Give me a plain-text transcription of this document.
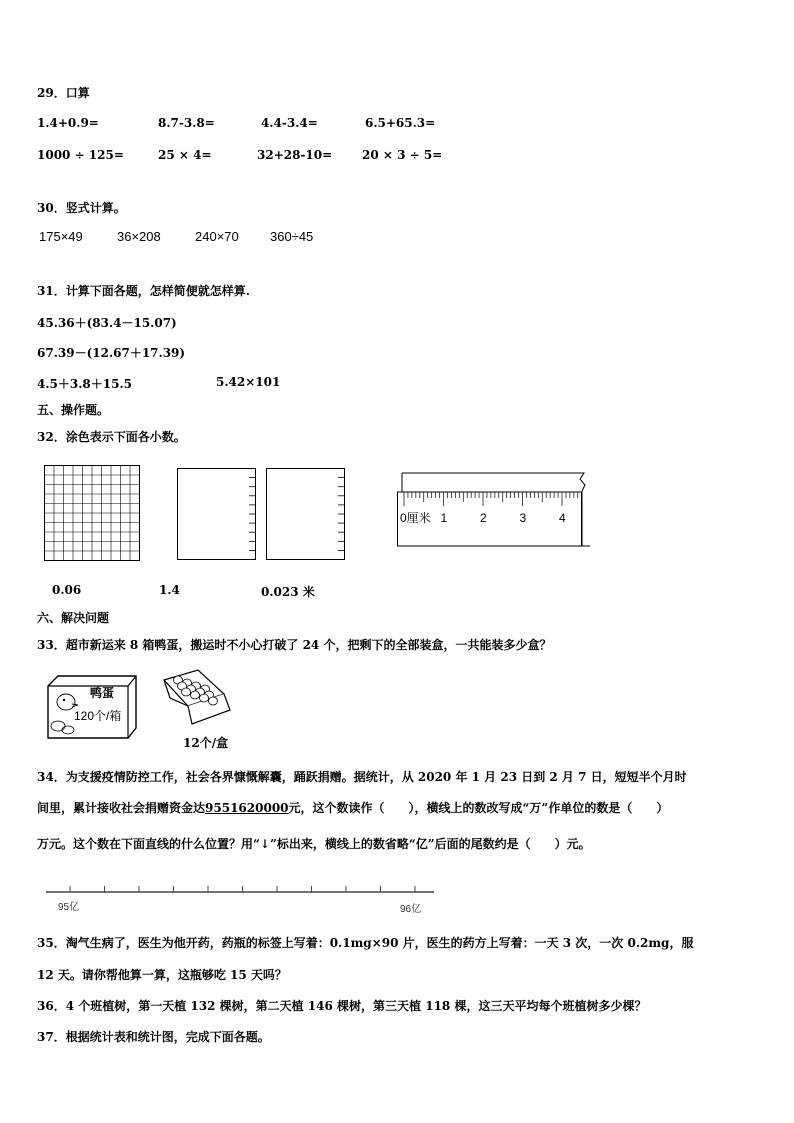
29．口算
1.4+0.9=	8.7-3.8=	4.4-3.4=	6.5+65.3=
1000 ÷ 125=	25 × 4=	32+28-10= 20 × 3 ÷ 5=
30．竖式计算。
175×49	36×208	240×70 360÷45
31．计算下面各题，怎样简便就怎样算.
45.36＋(83.4－15.07)
67.39－(12.67＋17.39)
4.5＋3.8＋15.5	5.42×101
五、操作题。
32．涂色表示下面各小数。
0厘米 1	2	3	4
0.06	1.4	0.023 米
六、解决问题
33．超市新运来 8 箱鸭蛋，搬运时不小心打破了 24 个，把剩下的全部装盒，一共能装多少盒？
鸭蛋
120个/箱
12个/盒
34．为支援疫情防控工作，社会各界慷慨解囊，踊跃捐赠。据统计，从 2020 年 1 月 23 日到 2 月 7 日，短短半个月时
间里，累计接收社会捐赠资金达9551620000元，这个数读作（　　），横线上的数改写成“万”作单位的数是（　　）
万元。这个数在下面直线的什么位置？用“↓”标出来，横线上的数省略“亿”后面的尾数约是（　　）元。
95亿	96亿
35．淘气生病了，医生为他开药，药瓶的标签上写着：0.1mg×90 片，医生的药方上写着：一天 3 次，一次 0.2mg，服
12 天。请你帮他算一算，这瓶够吃 15 天吗？
36．4 个班植树，第一天植 132 棵树，第二天植 146 棵树，第三天植 118 棵，这三天平均每个班植树多少棵？
37．根据统计表和统计图，完成下面各题。
